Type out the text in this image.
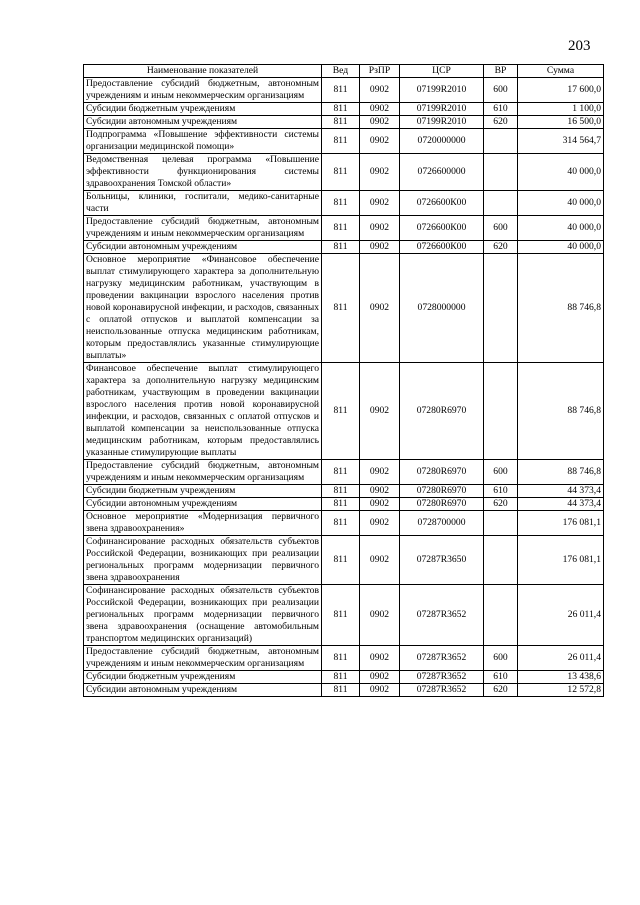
203
Наименование показателей	Вед	РзПР	ЦСР	ВР	Сумма
Предоставление субсидий бюджетным, автономным учреждениям и иным некоммерческим организациям	811	0902	07199R2010	600	17 600,0
Субсидии бюджетным учреждениям	811	0902	07199R2010	610	1 100,0
Субсидии автономным учреждениям	811	0902	07199R2010	620	16 500,0
Подпрограмма «Повышение эффективности системы организации медицинской помощи»	811	0902	0720000000		314 564,7
Ведомственная целевая программа «Повышение эффективности функционирования системы здравоохранения Томской области»	811	0902	0726600000		40 000,0
Больницы, клиники, госпитали, медико-санитарные части	811	0902	0726600К00		40 000,0
Предоставление субсидий бюджетным, автономным учреждениям и иным некоммерческим организациям	811	0902	0726600К00	600	40 000,0
Субсидии автономным учреждениям	811	0902	0726600К00	620	40 000,0
Основное мероприятие «Финансовое обеспечение выплат стимулирующего характера за дополнительную нагрузку медицинским работникам, участвующим в проведении вакцинации взрослого населения против новой коронавирусной инфекции, и расходов, связанных с оплатой отпусков и выплатой компенсации за неиспользованные отпуска медицинским работникам, которым предоставлялись указанные стимулирующие выплаты»	811	0902	0728000000		88 746,8
Финансовое обеспечение выплат стимулирующего характера за дополнительную нагрузку медицинским работникам, участвующим в проведении вакцинации взрослого населения против новой коронавирусной инфекции, и расходов, связанных с оплатой отпусков и выплатой компенсации за неиспользованные отпуска медицинским работникам, которым предоставлялись указанные стимулирующие выплаты	811	0902	07280R6970		88 746,8
Предоставление субсидий бюджетным, автономным учреждениям и иным некоммерческим организациям	811	0902	07280R6970	600	88 746,8
Субсидии бюджетным учреждениям	811	0902	07280R6970	610	44 373,4
Субсидии автономным учреждениям	811	0902	07280R6970	620	44 373,4
Основное мероприятие «Модернизация первичного звена здравоохранения»	811	0902	0728700000		176 081,1
Софинансирование расходных обязательств субъектов Российской Федерации, возникающих при реализации региональных программ модернизации первичного звена здравоохранения	811	0902	07287R3650		176 081,1
Софинансирование расходных обязательств субъектов Российской Федерации, возникающих при реализации региональных программ модернизации первичного звена здравоохранения (оснащение автомобильным транспортом медицинских организаций)	811	0902	07287R3652		26 011,4
Предоставление субсидий бюджетным, автономным учреждениям и иным некоммерческим организациям	811	0902	07287R3652	600	26 011,4
Субсидии бюджетным учреждениям	811	0902	07287R3652	610	13 438,6
Субсидии автономным учреждениям	811	0902	07287R3652	620	12 572,8
